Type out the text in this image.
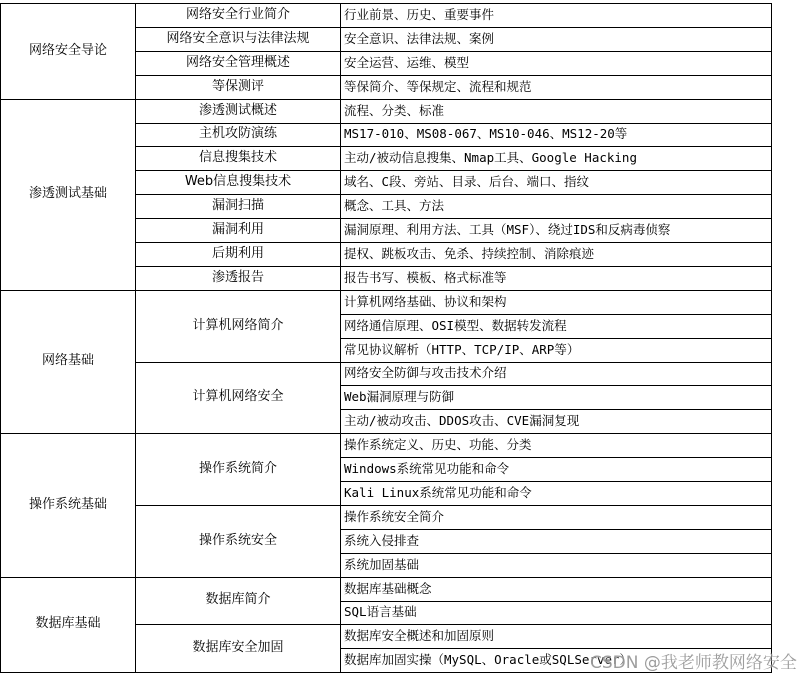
行业前景、历史、重要事件
网络安全行业简介
安全意识、法律法规、案例
网络安全意识与法律法规
安全运营、运维、模型
网络安全管理概述
等保简介、等保规定、流程和规范
等保测评
网络安全导论
流程、分类、标准
渗透测试概述
MS17-010、MS08-067、MS10-046、MS12-20等
主机攻防演练
主动/被动信息搜集、Nmap工具、Google Hacking
信息搜集技术
域名、C段、旁站、目录、后台、端口、指纹
Web信息搜集技术
概念、工具、方法
漏洞扫描
漏洞原理、利用方法、工具（MSF）、绕过IDS和反病毒侦察
漏洞利用
提权、跳板攻击、免杀、持续控制、消除痕迹
后期利用
报告书写、模板、格式标准等
渗透报告
渗透测试基础
计算机网络基础、协议和架构
网络通信原理、OSI模型、数据转发流程
常见协议解析（HTTP、TCP/IP、ARP等）
计算机网络简介
网络安全防御与攻击技术介绍
Web漏洞原理与防御
主动/被动攻击、DDOS攻击、CVE漏洞复现
计算机网络安全
网络基础
操作系统定义、历史、功能、分类
Windows系统常见功能和命令
Kali Linux系统常见功能和命令
操作系统简介
操作系统安全简介
系统入侵排查
系统加固基础
操作系统安全
操作系统基础
数据库基础概念
SQL语言基础
数据库简介
数据库安全概述和加固原则
数据库加固实操（MySQL、Oracle或SQLServer）
数据库安全加固
数据库基础
CSDN @我老师教网络安全
